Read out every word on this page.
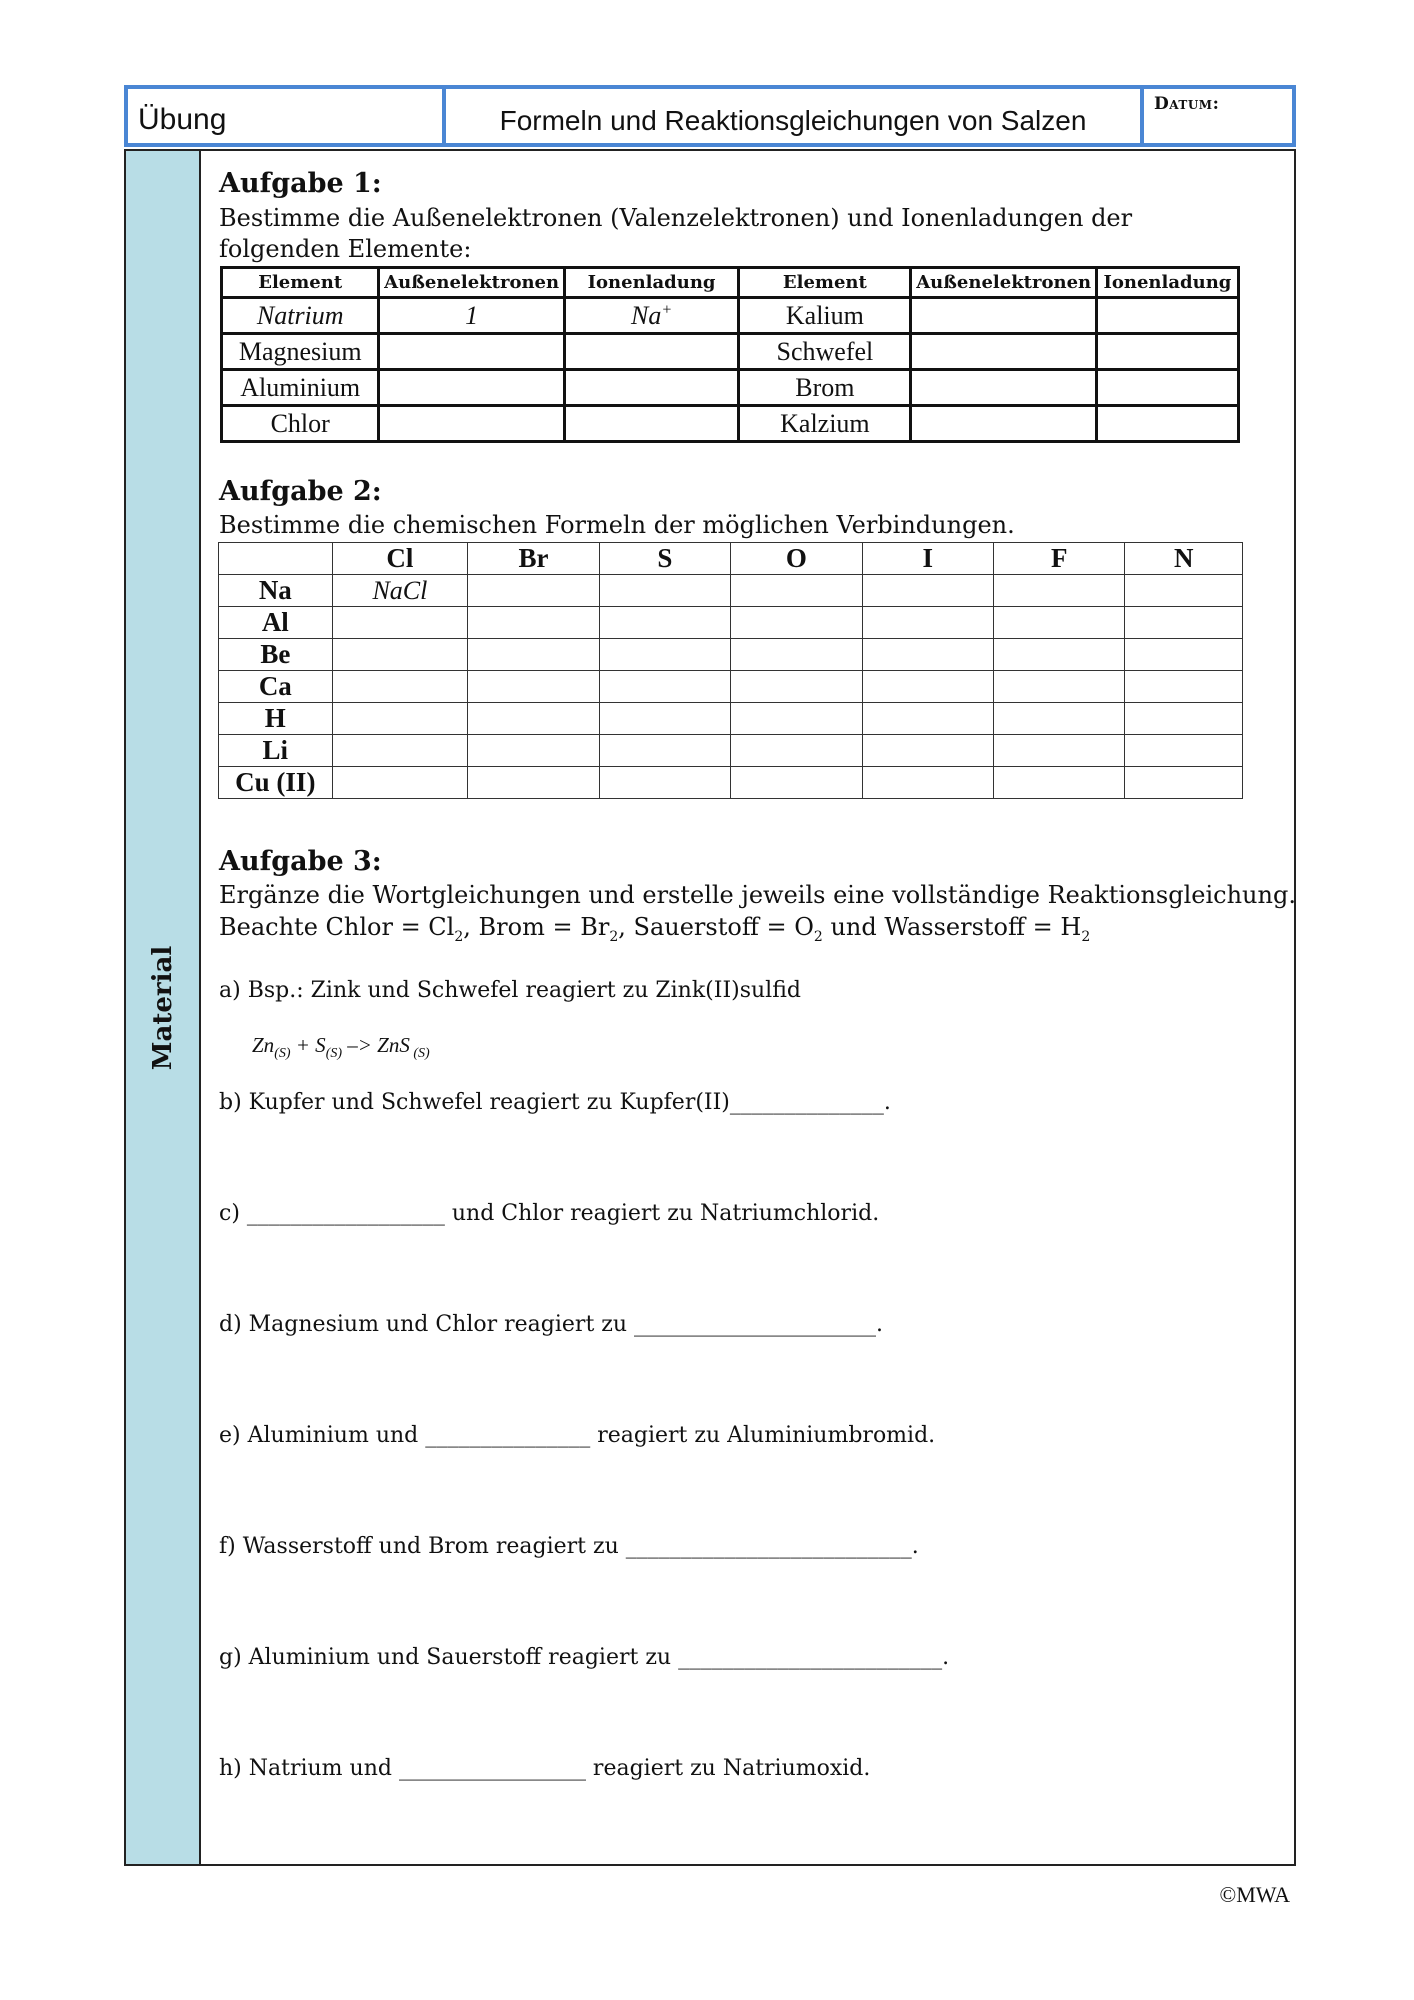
Übung	Formeln und Reaktionsgleichungen von Salzen
Datum:
Material
Aufgabe 1:
Bestimme die Außenelektronen (Valenzelektronen) und Ionenladungen der folgenden Elemente:
Element	Außenelektronen	Ionenladung	Element	Außenelektronen	Ionenladung
Natrium	1	Na+	Kalium		
Magnesium			Schwefel		
Aluminium			Brom		
Chlor			Kalzium		
Aufgabe 2:
Bestimme die chemischen Formeln der möglichen Verbindungen.
	Cl	Br	S	O	I	F	N
Na	NaCl						
Al							
Be							
Ca							
H							
Li							
Cu (II)							
Aufgabe 3:
Ergänze die Wortgleichungen und erstelle jeweils eine vollständige Reaktionsgleichung.
Beachte Chlor = $Cl_2$, Brom = $Br_2$, Sauerstoff = $O_2$ und Wasserstoff = $H_2$
a) Bsp.: Zink und Schwefel reagiert zu Zink(II)sulfid
$Zn_{(S)} + S_{(S)}$ –> ZnS $_{(S)}$
b) Kupfer und Schwefel reagiert zu Kupfer(II)______________.
c) __________________ und Chlor reagiert zu Natriumchlorid.
d) Magnesium und Chlor reagiert zu ______________________.
e) Aluminium und _______________ reagiert zu Aluminiumbromid.
f) Wasserstoff und Brom reagiert zu __________________________.
g) Aluminium und Sauerstoff reagiert zu ________________________.
h) Natrium und _________________ reagiert zu Natriumoxid.
©MWA
